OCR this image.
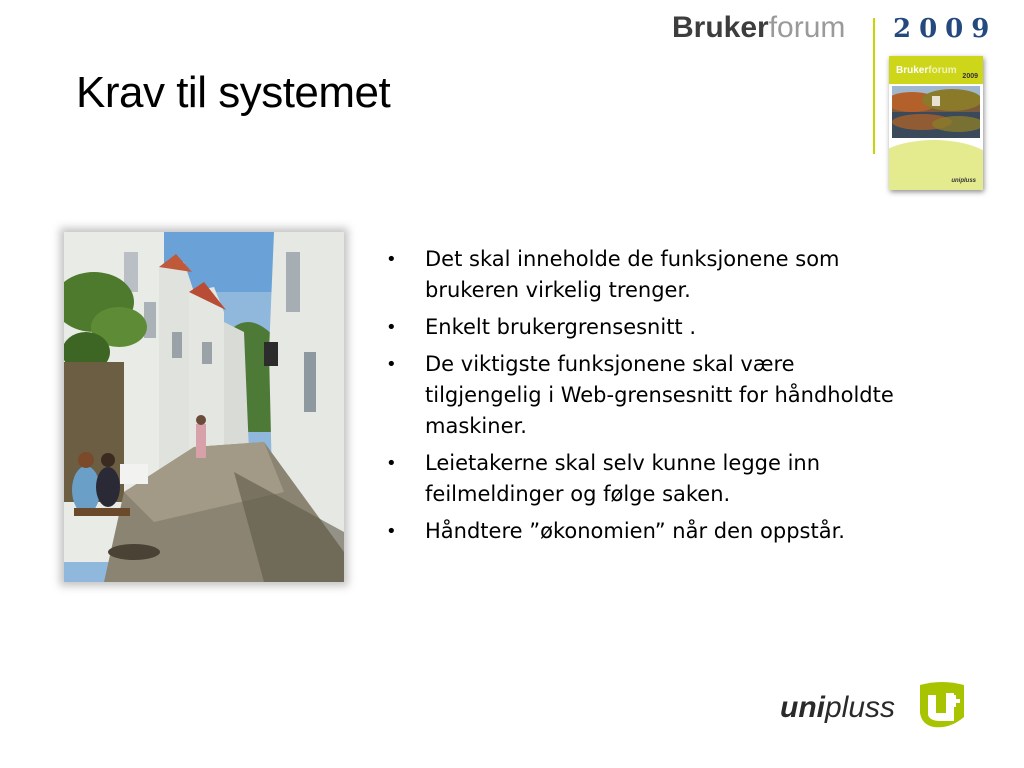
Krav til systemet
Brukerforum 2009
Brukerforum
2009
unipluss
• Det skal inneholde de funksjonene som brukeren virkelig trenger.
• Enkelt brukergrensesnitt .
• De viktigste funksjonene skal være tilgjengelig i Web-grensesnitt for håndholdte maskiner.
• Leietakerne skal selv kunne legge inn feilmeldinger og følge saken.
• Håndtere ”økonomien” når den oppstår.
unipluss
